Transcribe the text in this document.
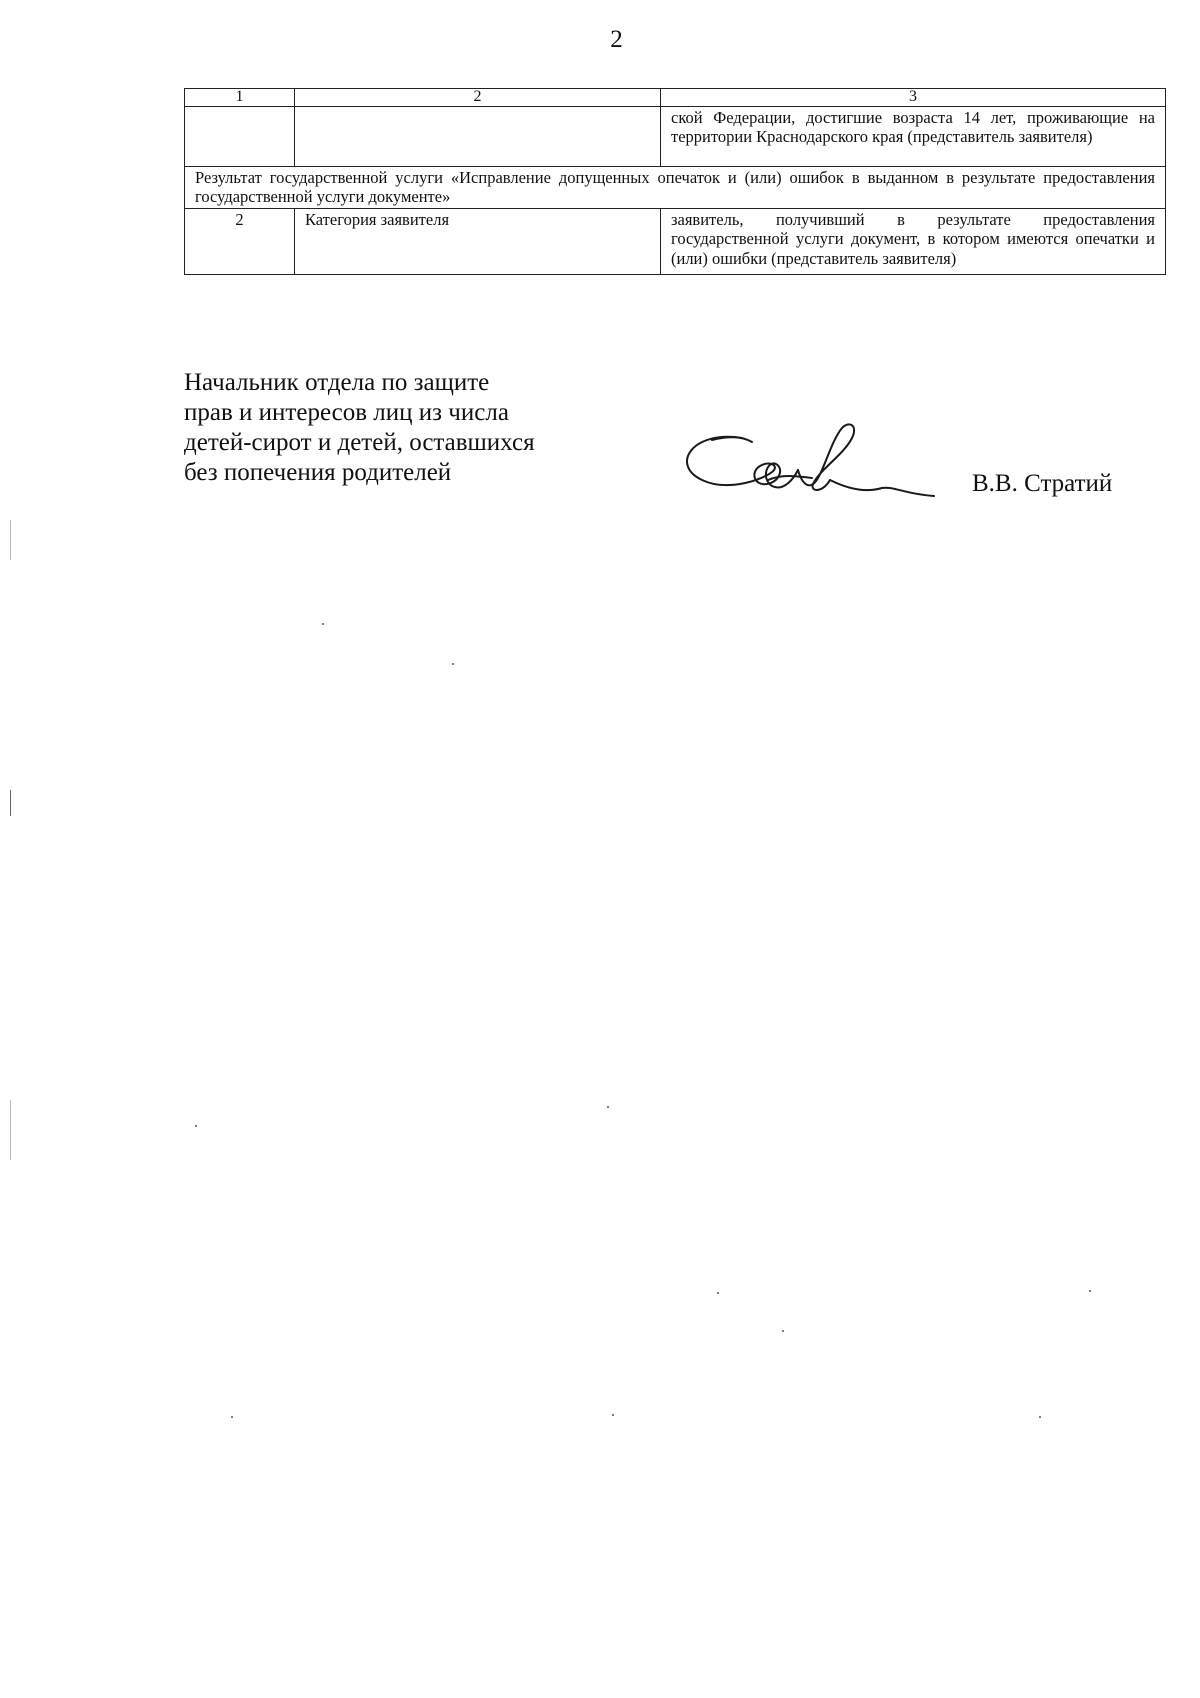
2
1	2	3
		ской Федерации, достигшие возраста 14 лет, проживающие на территории Краснодарского края (представитель заявителя)
Результат государственной услуги «Исправление допущенных опечаток и (или) ошибок в выданном в результате предоставления государственной услуги документе»		
2	Категория заявителя	заявитель, получивший в результате предоставления государственной услуги документ, в котором имеются опечатки и (или) ошибки (представитель заявителя)
Начальник отдела по защите
прав и интересов лиц из числа
детей-сирот и детей, оставшихся
без попечения родителей	В.В. Стратий
